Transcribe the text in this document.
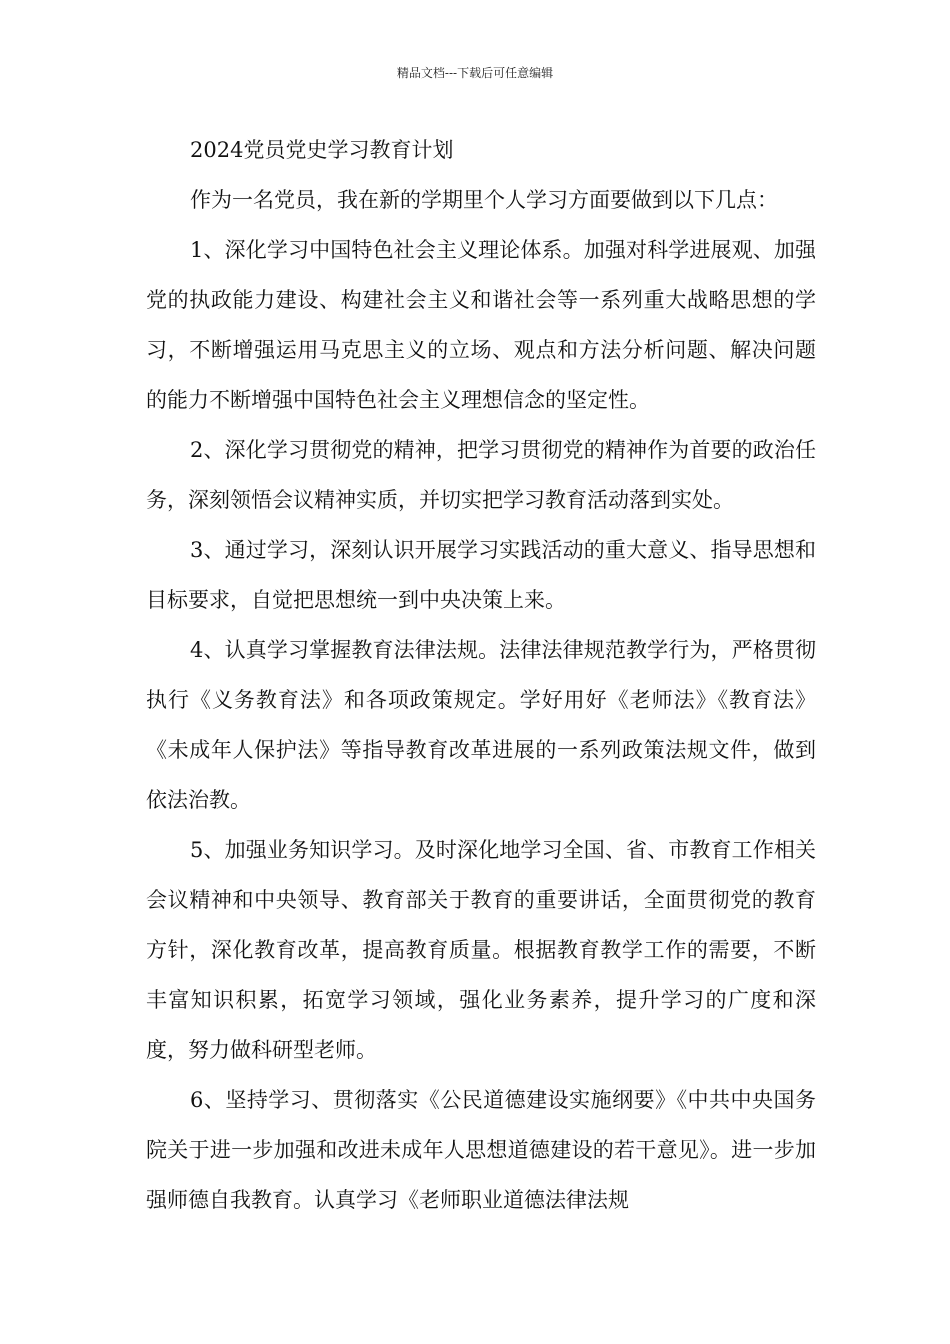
精品文档---下载后可任意编辑

2024党员党史学习教育计划

作为一名党员，我在新的学期里个人学习方面要做到以下几点：

1、深化学习中国特色社会主义理论体系。加强对科学进展观、加强党的执政能力建设、构建社会主义和谐社会等一系列重大战略思想的学习，不断增强运用马克思主义的立场、观点和方法分析问题、解决问题的能力不断增强中国特色社会主义理想信念的坚定性。

2、深化学习贯彻党的精神，把学习贯彻党的精神作为首要的政治任务，深刻领悟会议精神实质，并切实把学习教育活动落到实处。

3、通过学习，深刻认识开展学习实践活动的重大意义、指导思想和目标要求，自觉把思想统一到中央决策上来。

4、认真学习掌握教育法律法规。法律法律规范教学行为，严格贯彻执行《义务教育法》和各项政策规定。学好用好《老师法》《教育法》《未成年人保护法》等指导教育改革进展的一系列政策法规文件，做到依法治教。

5、加强业务知识学习。及时深化地学习全国、省、市教育工作相关会议精神和中央领导、教育部关于教育的重要讲话，全面贯彻党的教育方针，深化教育改革，提高教育质量。根据教育教学工作的需要，不断丰富知识积累，拓宽学习领域，强化业务素养，提升学习的广度和深度，努力做科研型老师。

6、坚持学习、贯彻落实《公民道德建设实施纲要》《中共中央国务院关于进一步加强和改进未成年人思想道德建设的若干意见》。进一步加强师德自我教育。认真学习《老师职业道德法律法规
